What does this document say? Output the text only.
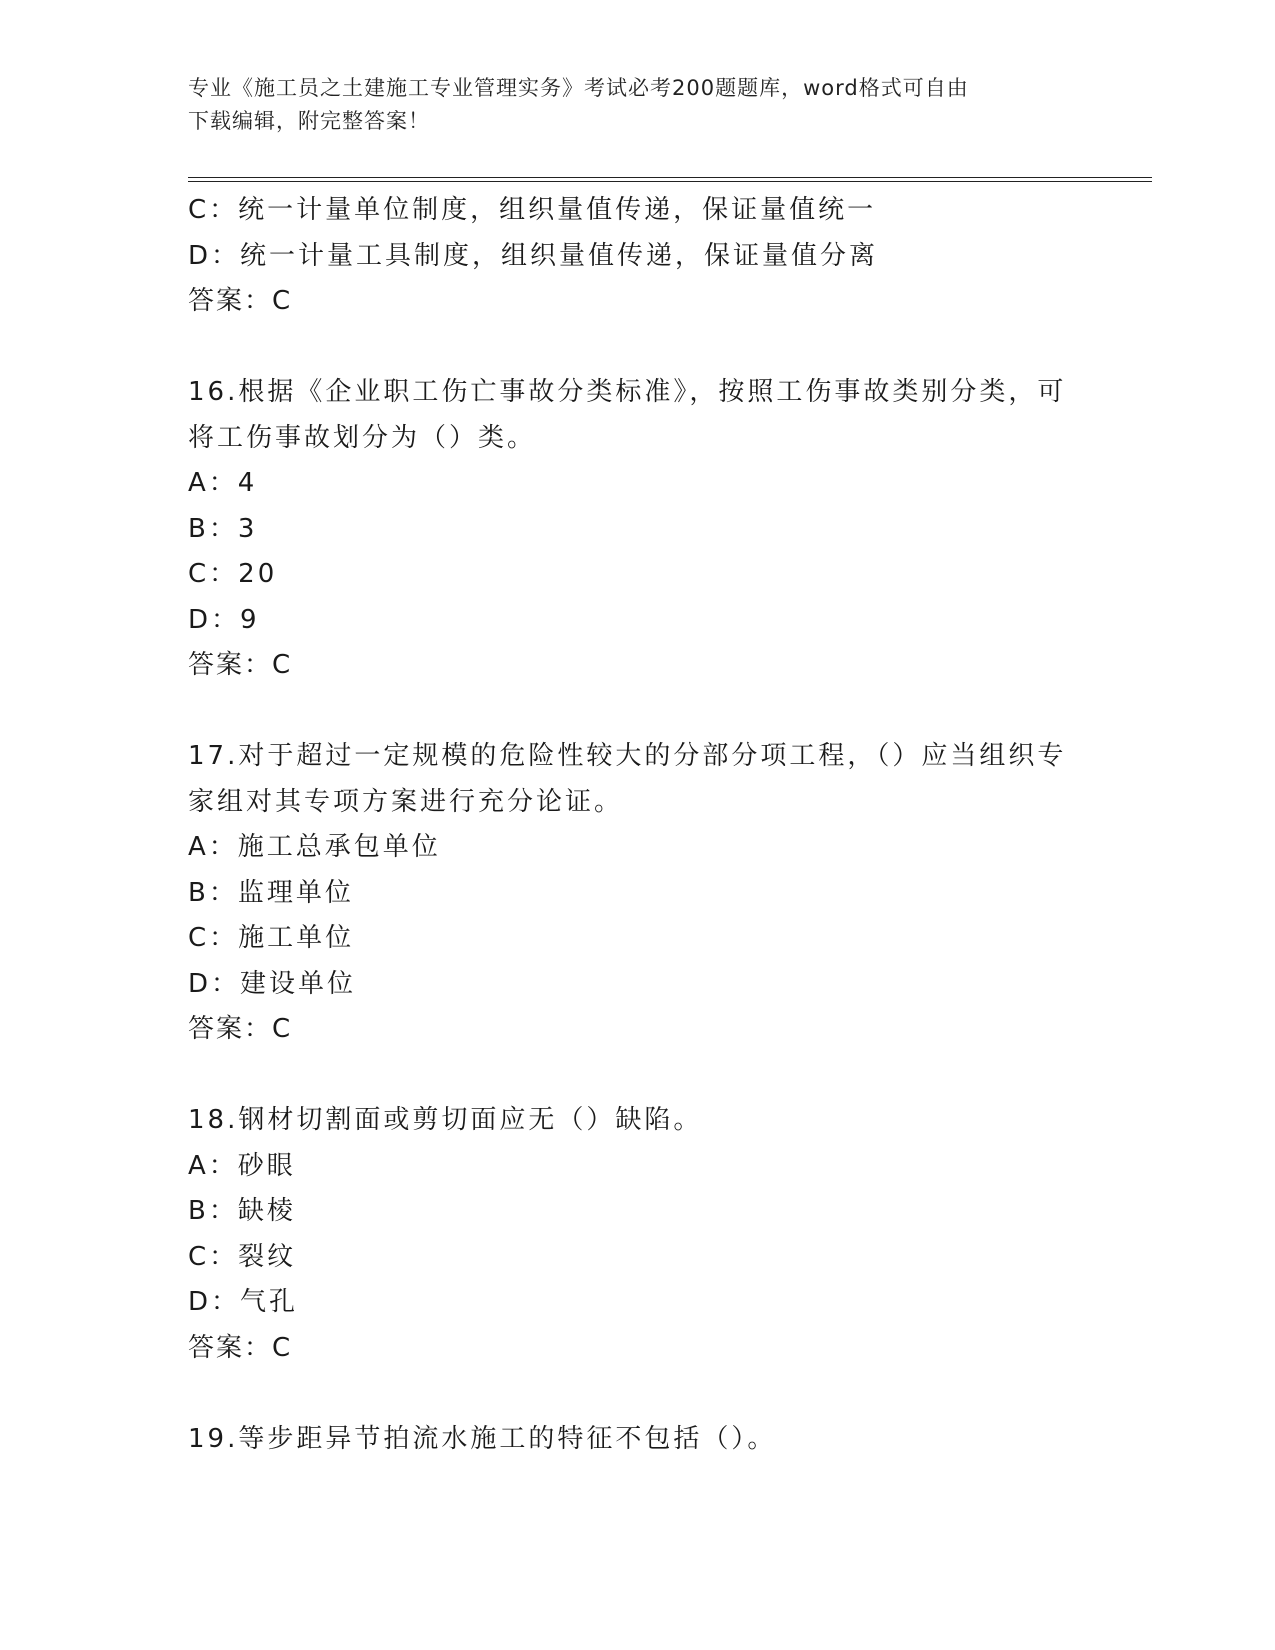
专业《施工员之土建施工专业管理实务》考试必考200题题库，word格式可自由
下载编辑，附完整答案！
C：统一计量单位制度，组织量值传递，保证量值统一
D：统一计量工具制度，组织量值传递，保证量值分离
答案：C
16.根据《企业职工伤亡事故分类标准》，按照工伤事故类别分类，可
将工伤事故划分为（）类。
A：4
B：3
C：20
D：9
答案：C
17.对于超过一定规模的危险性较大的分部分项工程，（）应当组织专
家组对其专项方案进行充分论证。
A：施工总承包单位
B：监理单位
C：施工单位
D：建设单位
答案：C
18.钢材切割面或剪切面应无（）缺陷。
A：砂眼
B：缺棱
C：裂纹
D：气孔
答案：C
19.等步距异节拍流水施工的特征不包括（）。
